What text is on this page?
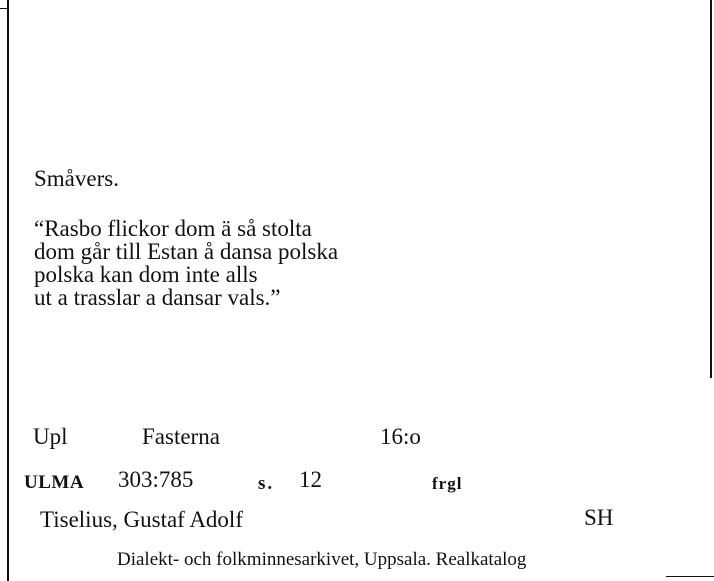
Småvers.
“Rasbo flickor dom ä så stolta
dom går till Estan å dansa polska
polska kan dom inte alls
ut a trasslar a dansar vals.”
Upl	Fasterna	16:o
ULMA 303:785	s. 12	frgl
Tiselius, Gustaf Adolf	SH
Dialekt- och folkminnesarkivet, Uppsala. Realkatalog
